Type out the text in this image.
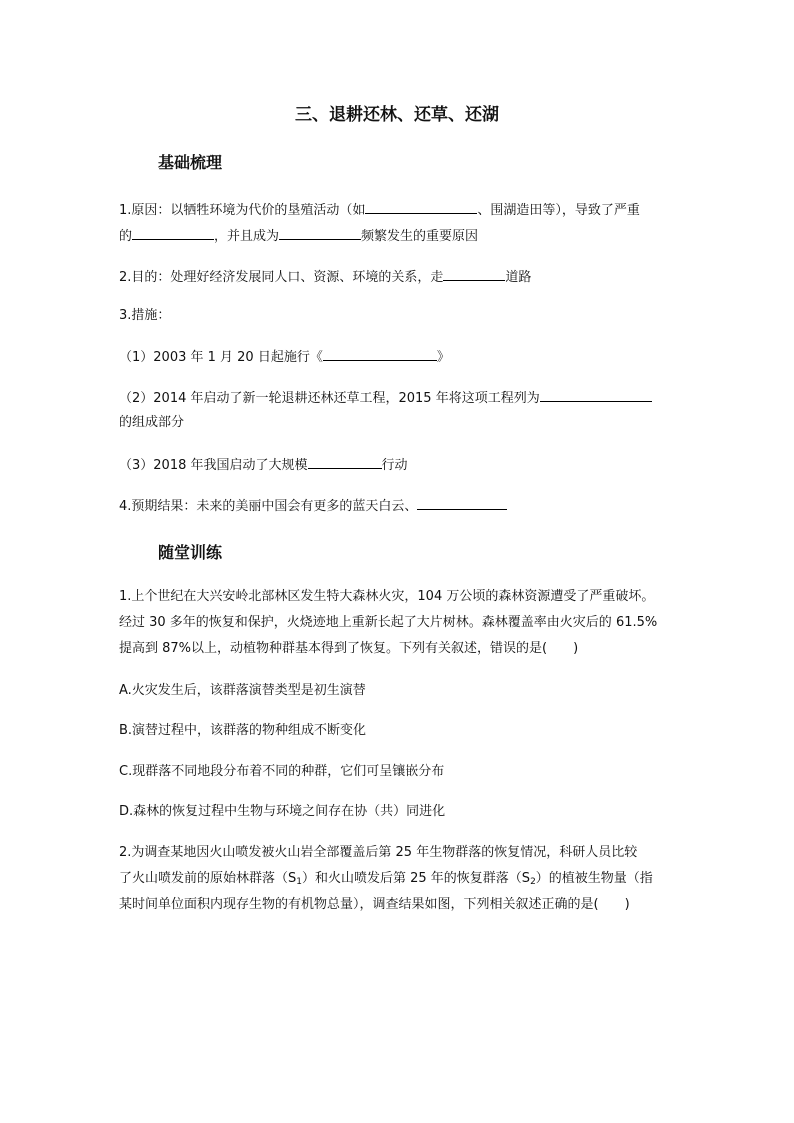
三、退耕还林、还草、还湖
基础梳理
1.原因：以牺牲环境为代价的垦殖活动（如	、围湖造田等），导致了严重
的	，并且成为	频繁发生的重要原因
2.目的：处理好经济发展同人口、资源、环境的关系，走	道路
3.措施：
（1）2003 年 1 月 20 日起施行《	》
（2）2014 年启动了新一轮退耕还林还草工程，2015 年将这项工程列为
的组成部分
（3）2018 年我国启动了大规模	行动
4.预期结果：未来的美丽中国会有更多的蓝天白云、
随堂训练
1.上个世纪在大兴安岭北部林区发生特大森林火灾，104 万公顷的森林资源遭受了严重破坏。
经过 30 多年的恢复和保护，火烧迹地上重新长起了大片树林。森林覆盖率由火灾后的 61.5%
提高到 87%以上，动植物种群基本得到了恢复。下列有关叙述，错误的是(　　)
A.火灾发生后，该群落演替类型是初生演替
B.演替过程中，该群落的物种组成不断变化
C.现群落不同地段分布着不同的种群，它们可呈镶嵌分布
D.森林的恢复过程中生物与环境之间存在协（共）同进化
2.为调查某地因火山喷发被火山岩全部覆盖后第 25 年生物群落的恢复情况，科研人员比较
了火山喷发前的原始林群落$(S_1)$和火山喷发后第 25 年的恢复群落$(S_2)$的植被生物量（指
某时间单位面积内现存生物的有机物总量），调查结果如图，下列相关叙述正确的是(　　)
